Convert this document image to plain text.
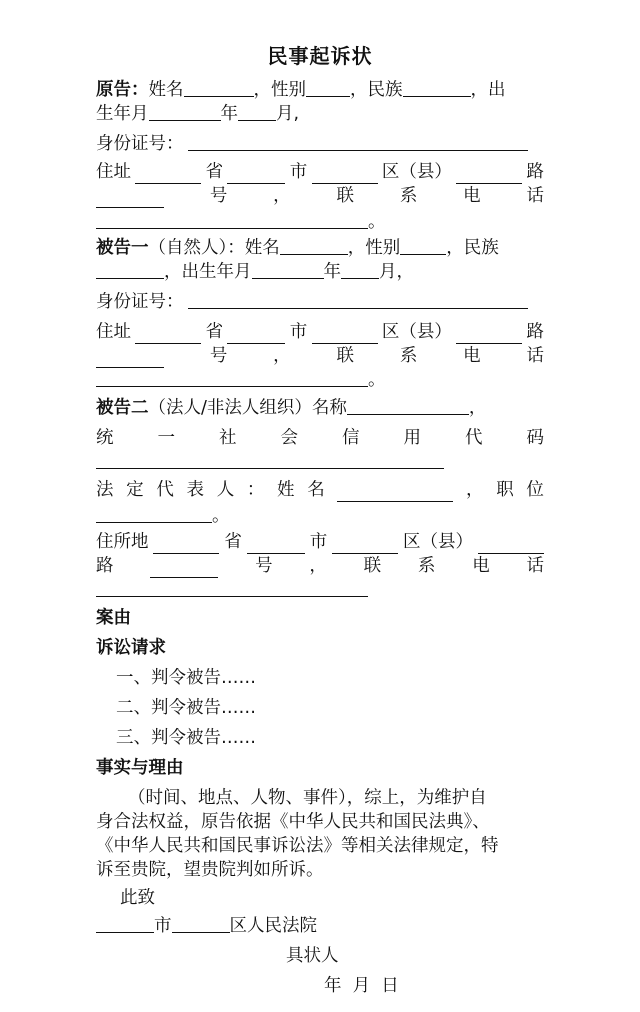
民事起诉状
原告：姓名	，性别	，民族	，出
生年月	年 月,
身份证号：
住址	省	市	区（县）	路
号	，	联	系	电	话
。
被告一（自然人）：姓名	，性别	，民族
，出生年月	年 月，
身份证号：
住址	省	市	区（县）	路
号	，	联	系	电	话
。
被告二（法人/非法人组织）名称	，
统	一	社	会	信	用	代	码
法 定 代 表 人 ： 姓 名	， 职 位
。
住所地	省	市	区（县）
路	号 ， 联 系 电 话
案由
诉讼请求
一、判令被告……
二、判令被告……
三、判令被告……
事实与理由
（时间、地点、人物、事件），综上，为维护自
身合法权益，原告依据《中华人民共和国民法典》、
《中华人民共和国民事诉讼法》等相关法律规定，特
诉至贵院，望贵院判如所诉。
此致
市	区人民法院
具状人
年  月  日
